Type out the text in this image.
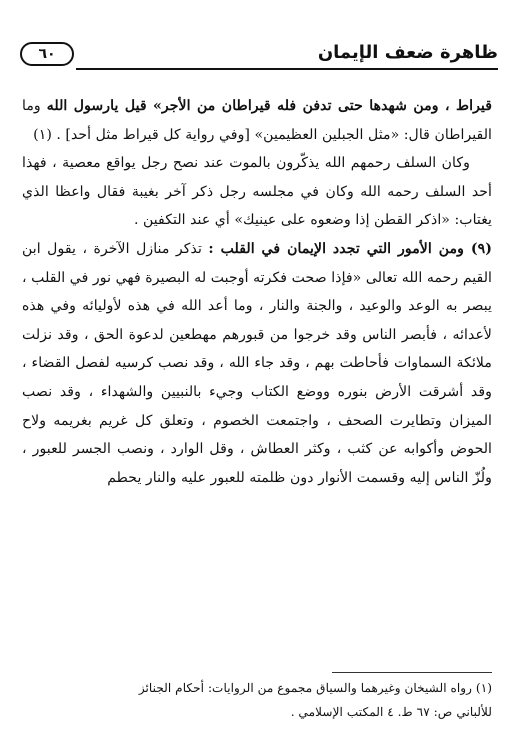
ظاهرة ضعف الإيمان
٦٠

قيراط ، ومن شهدها حتى تدفن فله قيراطان من الأجر» قيل يارسول الله وما القيراطان قال: «مثل الجبلين العظيمين» [وفي رواية كل قيراط مثل أحد] . (١)

وكان السلف رحمهم الله يذكّرون بالموت عند نصح رجل يواقع معصية ، فهذا أحد السلف رحمه الله وكان في مجلسه رجل ذكر آخر بغيبة فقال واعظا الذي يغتاب: «اذكر القطن إذا وضعوه على عينيك» أي عند التكفين .

(٩) ومن الأمور التي تجدد الإيمان في القلب : تذكر منازل الآخرة ، يقول ابن القيم رحمه الله تعالى «فإذا صحت فكرته أوجبت له البصيرة فهي نور في القلب ، يبصر به الوعد والوعيد ، والجنة والنار ، وما أعد الله في هذه لأوليائه وفي هذه لأعدائه ، فأبصر الناس وقد خرجوا من قبورهم مهطعين لدعوة الحق ، وقد نزلت ملائكة السماوات فأحاطت بهم ، وقد جاء الله ، وقد نصب كرسيه لفصل القضاء ، وقد أشرقت الأرض بنوره ووضع الكتاب وجيء بالنبيين والشهداء ، وقد نصب الميزان وتطايرت الصحف ، واجتمعت الخصوم ، وتعلق كل غريم بغريمه ولاح الحوض وأكوابه عن كثب ، وكثر العطاش ، وقل الوارد ، ونصب الجسر للعبور ، ولُزّ الناس إليه وقسمت الأنوار دون ظلمته للعبور عليه والنار يحطم

(١) رواه الشيخان وغيرهما والسياق مجموع من الروايات: أحكام الجنائز

للألباني ص: ٦٧ ط. ٤ المكتب الإسلامي .
